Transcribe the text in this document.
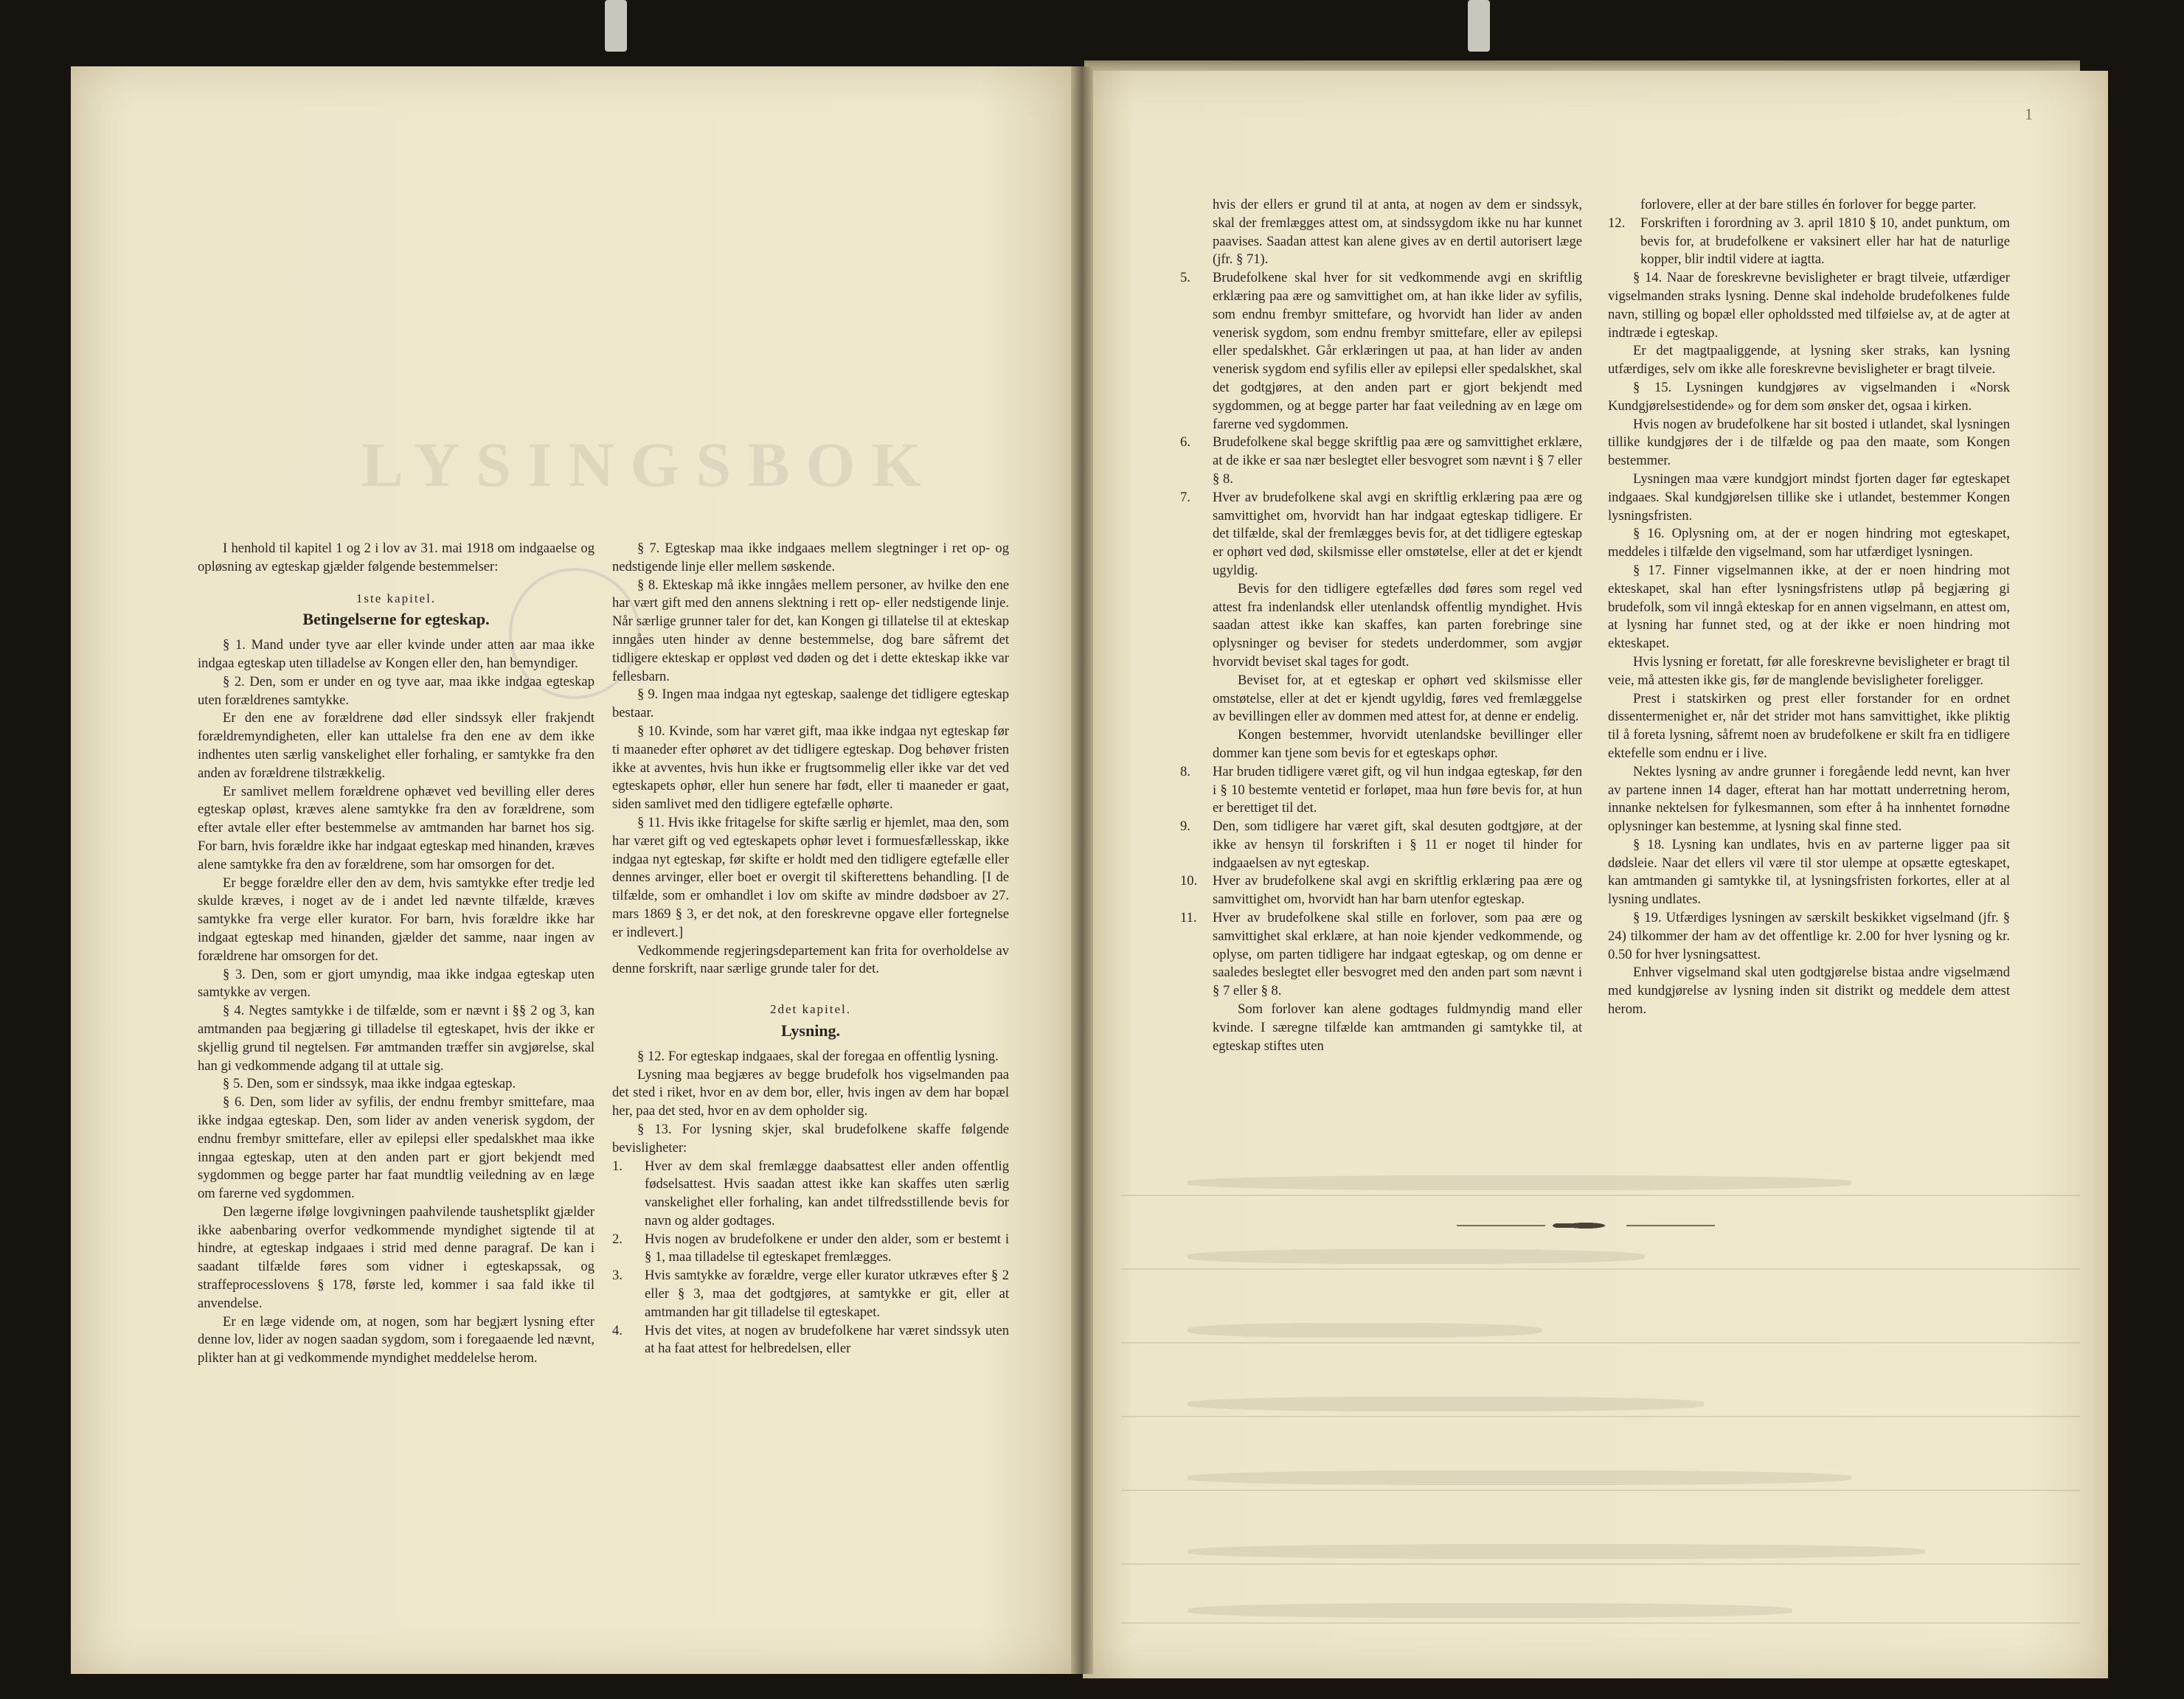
LYSINGSBOK
1

I henhold til kapitel 1 og 2 i lov av 31. mai 1918 om indgaaelse og opløsning av egteskap gjælder følgende bestemmelser:

1ste kapitel.
Betingelserne for egteskap.

§ 1. Mand under tyve aar eller kvinde under atten aar maa ikke indgaa egteskap uten tilladelse av Kongen eller den, han bemyndiger.

§ 2. Den, som er under en og tyve aar, maa ikke indgaa egteskap uten forældrenes samtykke.

Er den ene av forældrene død eller sindssyk eller frakjendt forældremyndigheten, eller kan uttalelse fra den ene av dem ikke indhentes uten særlig vanskelighet eller forhaling, er samtykke fra den anden av forældrene tilstrækkelig.

Er samlivet mellem forældrene ophævet ved bevilling eller deres egteskap opløst, kræves alene samtykke fra den av forældrene, som efter avtale eller efter bestemmelse av amtmanden har barnet hos sig. For barn, hvis forældre ikke har indgaat egteskap med hinanden, kræves alene samtykke fra den av forældrene, som har omsorgen for det.

Er begge forældre eller den av dem, hvis samtykke efter tredje led skulde kræves, i noget av de i andet led nævnte tilfælde, kræves samtykke fra verge eller kurator. For barn, hvis forældre ikke har indgaat egteskap med hinanden, gjælder det samme, naar ingen av forældrene har omsorgen for det.

§ 3. Den, som er gjort umyndig, maa ikke indgaa egteskap uten samtykke av vergen.

§ 4. Negtes samtykke i de tilfælde, som er nævnt i §§ 2 og 3, kan amtmanden paa begjæring gi tilladelse til egteskapet, hvis der ikke er skjellig grund til negtelsen. Før amtmanden træffer sin avgjørelse, skal han gi vedkommende adgang til at uttale sig.

§ 5. Den, som er sindssyk, maa ikke indgaa egteskap.

§ 6. Den, som lider av syfilis, der endnu frembyr smittefare, maa ikke indgaa egteskap. Den, som lider av anden venerisk sygdom, der endnu frembyr smittefare, eller av epilepsi eller spedalskhet maa ikke inngaa egteskap, uten at den anden part er gjort bekjendt med sygdommen og begge parter har faat mundtlig veiledning av en læge om farerne ved sygdommen.

Den lægerne ifølge lovgivningen paahvilende taushetsplikt gjælder ikke aabenbaring overfor vedkommende myndighet sigtende til at hindre, at egteskap indgaaes i strid med denne paragraf. De kan i saadant tilfælde føres som vidner i egteskapssak, og straffeprocesslovens § 178, første led, kommer i saa fald ikke til anvendelse.

Er en læge vidende om, at nogen, som har begjært lysning efter denne lov, lider av nogen saadan sygdom, som i foregaaende led nævnt, plikter han at gi vedkommende myndighet meddelelse herom.

§ 7. Egteskap maa ikke indgaaes mellem slegtninger i ret op- og nedstigende linje eller mellem søskende.

§ 8. Ekteskap må ikke inngåes mellem personer, av hvilke den ene har vært gift med den annens slektning i rett op- eller nedstigende linje. Når særlige grunner taler for det, kan Kongen gi tillatelse til at ekteskap inngåes uten hinder av denne bestemmelse, dog bare såfremt det tidligere ekteskap er oppløst ved døden og det i dette ekteskap ikke var fellesbarn.

§ 9. Ingen maa indgaa nyt egteskap, saalenge det tidligere egteskap bestaar.

§ 10. Kvinde, som har været gift, maa ikke indgaa nyt egteskap før ti maaneder efter ophøret av det tidligere egteskap. Dog behøver fristen ikke at avventes, hvis hun ikke er frugtsommelig eller ikke var det ved egteskapets ophør, eller hun senere har født, eller ti maaneder er gaat, siden samlivet med den tidligere egtefælle ophørte.

§ 11. Hvis ikke fritagelse for skifte særlig er hjemlet, maa den, som har været gift og ved egteskapets ophør levet i formuesfællesskap, ikke indgaa nyt egteskap, før skifte er holdt med den tidligere egtefælle eller dennes arvinger, eller boet er overgit til skifterettens behandling. [I de tilfælde, som er omhandlet i lov om skifte av mindre dødsboer av 27. mars 1869 § 3, er det nok, at den foreskrevne opgave eller fortegnelse er indlevert.]

Vedkommende regjeringsdepartement kan frita for overholdelse av denne forskrift, naar særlige grunde taler for det.

2det kapitel.
Lysning.

§ 12. For egteskap indgaaes, skal der foregaa en offentlig lysning.

Lysning maa begjæres av begge brudefolk hos vigselmanden paa det sted i riket, hvor en av dem bor, eller, hvis ingen av dem har bopæl her, paa det sted, hvor en av dem opholder sig.

§ 13. For lysning skjer, skal brudefolkene skaffe følgende bevisligheter:

1.	Hver av dem skal fremlægge daabsattest eller anden offentlig fødselsattest. Hvis saadan attest ikke kan skaffes uten særlig vanskelighet eller forhaling, kan andet tilfredsstillende bevis for navn og alder godtages.
2.	Hvis nogen av brudefolkene er under den alder, som er bestemt i § 1, maa tilladelse til egteskapet fremlægges.
3.	Hvis samtykke av forældre, verge eller kurator utkræves efter § 2 eller § 3, maa det godtgjøres, at samtykke er git, eller at amtmanden har git tilladelse til egteskapet.
4.	Hvis det vites, at nogen av brudefolkene har været sindssyk uten at ha faat attest for helbredelsen, eller

hvis der ellers er grund til at anta, at nogen av dem er sindssyk, skal der fremlægges attest om, at sindssygdom ikke nu har kunnet paavises. Saadan attest kan alene gives av en dertil autorisert læge (jfr. § 71).

5.	Brudefolkene skal hver for sit vedkommende avgi en skriftlig erklæring paa ære og samvittighet om, at han ikke lider av syfilis, som endnu frembyr smittefare, og hvorvidt han lider av anden venerisk sygdom, som endnu frembyr smittefare, eller av epilepsi eller spedalskhet. Går erklæringen ut paa, at han lider av anden venerisk sygdom end syfilis eller av epilepsi eller spedalskhet, skal det godtgjøres, at den anden part er gjort bekjendt med sygdommen, og at begge parter har faat veiledning av en læge om farerne ved sygdommen.
6.	Brudefolkene skal begge skriftlig paa ære og samvittighet erklære, at de ikke er saa nær beslegtet eller besvogret som nævnt i § 7 eller § 8.
7.	Hver av brudefolkene skal avgi en skriftlig erklæring paa ære og samvittighet om, hvorvidt han har indgaat egteskap tidligere. Er det tilfælde, skal der fremlægges bevis for, at det tidligere egteskap er ophørt ved død, skilsmisse eller omstøtelse, eller at det er kjendt ugyldig.

Bevis for den tidligere egtefælles død føres som regel ved attest fra indenlandsk eller utenlandsk offentlig myndighet. Hvis saadan attest ikke kan skaffes, kan parten forebringe sine oplysninger og beviser for stedets underdommer, som avgjør hvorvidt beviset skal tages for godt.

Beviset for, at et egteskap er ophørt ved skilsmisse eller omstøtelse, eller at det er kjendt ugyldig, føres ved fremlæggelse av bevillingen eller av dommen med attest for, at denne er endelig.

Kongen bestemmer, hvorvidt utenlandske bevillinger eller dommer kan tjene som bevis for et egteskaps ophør.

8.	Har bruden tidligere været gift, og vil hun indgaa egteskap, før den i § 10 bestemte ventetid er forløpet, maa hun føre bevis for, at hun er berettiget til det.
9.	Den, som tidligere har været gift, skal desuten godtgjøre, at der ikke av hensyn til forskriften i § 11 er noget til hinder for indgaaelsen av nyt egteskap.
10.	Hver av brudefolkene skal avgi en skriftlig erklæring paa ære og samvittighet om, hvorvidt han har barn utenfor egteskap.
11.	Hver av brudefolkene skal stille en forlover, som paa ære og samvittighet skal erklære, at han noie kjender vedkommende, og oplyse, om parten tidligere har indgaat egteskap, og om denne er saaledes beslegtet eller besvogret med den anden part som nævnt i § 7 eller § 8.

Som forlover kan alene godtages fuldmyndig mand eller kvinde. I særegne tilfælde kan amtmanden gi samtykke til, at egteskap stiftes uten

forlovere, eller at der bare stilles én forlover for begge parter.

12.	Forskriften i forordning av 3. april 1810 § 10, andet punktum, om bevis for, at brudefolkene er vaksinert eller har hat de naturlige kopper, blir indtil videre at iagtta.

§ 14. Naar de foreskrevne bevisligheter er bragt tilveie, utfærdiger vigselmanden straks lysning. Denne skal indeholde brudefolkenes fulde navn, stilling og bopæl eller opholdssted med tilføielse av, at de agter at indtræde i egteskap.

Er det magtpaaliggende, at lysning sker straks, kan lysning utfærdiges, selv om ikke alle foreskrevne bevisligheter er bragt tilveie.

§ 15. Lysningen kundgjøres av vigselmanden i «Norsk Kundgjørelsestidende» og for dem som ønsker det, ogsaa i kirken.

Hvis nogen av brudefolkene har sit bosted i utlandet, skal lysningen tillike kundgjøres der i de tilfælde og paa den maate, som Kongen bestemmer.

Lysningen maa være kundgjort mindst fjorten dager før egteskapet indgaaes. Skal kundgjørelsen tillike ske i utlandet, bestemmer Kongen lysningsfristen.

§ 16. Oplysning om, at der er nogen hindring mot egteskapet, meddeles i tilfælde den vigselmand, som har utfærdiget lysningen.

§ 17. Finner vigselmannen ikke, at der er noen hindring mot ekteskapet, skal han efter lysningsfristens utløp på begjæring gi brudefolk, som vil inngå ekteskap for en annen vigselmann, en attest om, at lysning har funnet sted, og at der ikke er noen hindring mot ekteskapet.

Hvis lysning er foretatt, før alle foreskrevne bevisligheter er bragt til veie, må attesten ikke gis, før de manglende bevisligheter foreligger.

Prest i statskirken og prest eller forstander for en ordnet dissentermenighet er, når det strider mot hans samvittighet, ikke pliktig til å foreta lysning, såfremt noen av brudefolkene er skilt fra en tidligere ektefelle som endnu er i live.

Nektes lysning av andre grunner i foregående ledd nevnt, kan hver av partene innen 14 dager, efterat han har mottatt underretning herom, innanke nektelsen for fylkesmannen, som efter å ha innhentet fornødne oplysninger kan bestemme, at lysning skal finne sted.

§ 18. Lysning kan undlates, hvis en av parterne ligger paa sit dødsleie. Naar det ellers vil være til stor ulempe at opsætte egteskapet, kan amtmanden gi samtykke til, at lysningsfristen forkortes, eller at al lysning undlates.

§ 19. Utfærdiges lysningen av særskilt beskikket vigselmand (jfr. § 24) tilkommer der ham av det offentlige kr. 2.00 for hver lysning og kr. 0.50 for hver lysningsattest.

Enhver vigselmand skal uten godtgjørelse bistaa andre vigselmænd med kundgjørelse av lysning inden sit distrikt og meddele dem attest herom.
